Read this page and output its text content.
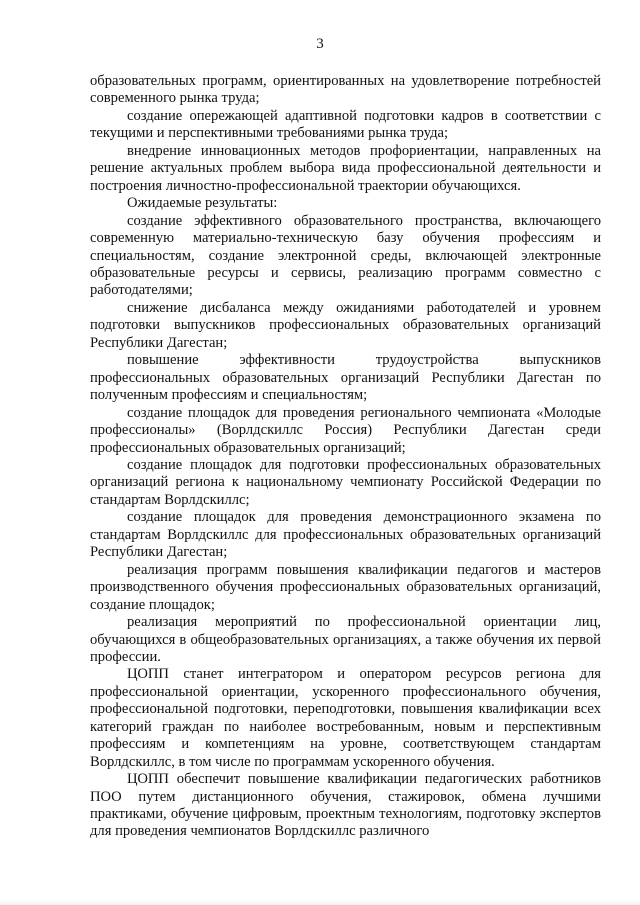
3

образовательных программ, ориентированных на удовлетворение потребностей современного рынка труда;

создание опережающей адаптивной подготовки кадров в соответствии с текущими и перспективными требованиями рынка труда;

внедрение инновационных методов профориентации, направленных на решение актуальных проблем выбора вида профессиональной деятельности и построения личностно-профессиональной траектории обучающихся.

Ожидаемые результаты:

создание эффективного образовательного пространства, включающего современную материально-техническую базу обучения профессиям и специальностям, создание электронной среды, включающей электронные образовательные ресурсы и сервисы, реализацию программ совместно с работодателями;

снижение дисбаланса между ожиданиями работодателей и уровнем подготовки выпускников профессиональных образовательных организаций Республики Дагестан;

повышение эффективности трудоустройства выпускников профессиональных образовательных организаций Республики Дагестан по полученным профессиям и специальностям;

создание площадок для проведения регионального чемпионата «Молодые профессионалы» (Ворлдскиллс Россия) Республики Дагестан среди профессиональных образовательных организаций;

создание площадок для подготовки профессиональных образовательных организаций региона к национальному чемпионату Российской Федерации по стандартам Ворлдскиллс;

создание площадок для проведения демонстрационного экзамена по стандартам Ворлдскиллс для профессиональных образовательных организаций Республики Дагестан;

реализация программ повышения квалификации педагогов и мастеров производственного обучения профессиональных образовательных организаций, создание площадок;

реализация мероприятий по профессиональной ориентации лиц, обучающихся в общеобразовательных организациях, а также обучения их первой профессии.

ЦОПП станет интегратором и оператором ресурсов региона для профессиональной ориентации, ускоренного профессионального обучения, профессиональной подготовки, переподготовки, повышения квалификации всех категорий граждан по наиболее востребованным, новым и перспективным профессиям и компетенциям на уровне, соответствующем стандартам Ворлдскиллс, в том числе по программам ускоренного обучения.

ЦОПП обеспечит повышение квалификации педагогических работников ПОО путем дистанционного обучения, стажировок, обмена лучшими практиками, обучение цифровым, проектным технологиям, подготовку экспертов для проведения чемпионатов Ворлдскиллс различного
